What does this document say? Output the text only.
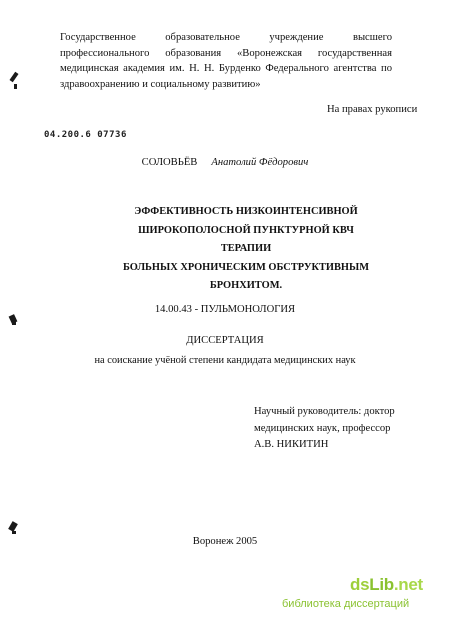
Государственное образовательное учреждение высшего
профессионального образования «Воронежская государственная
медицинская академия им. Н. Н. Бурденко Федерального агентства по
здравоохранению и социальному развитию»
На правах рукописи
04.200.6 07736
СОЛОВЬЁВ Анатолий Фёдорович
ЭФФЕКТИВНОСТЬ НИЗКОИНТЕНСИВНОЙ
ШИРОКОПОЛОСНОЙ ПУНКТУРНОЙ КВЧ ТЕРАПИИ
БОЛЬНЫХ ХРОНИЧЕСКИМ ОБСТРУКТИВНЫМ
БРОНХИТОМ.
14.00.43 - ПУЛЬМОНОЛОГИЯ
ДИССЕРТАЦИЯ
на соискание учёной степени кандидата медицинских наук
Научный руководитель: доктор
медицинских наук, профессор
А.В. НИКИТИН
Воронеж 2005
dsLib.net
библиотека диссертаций
